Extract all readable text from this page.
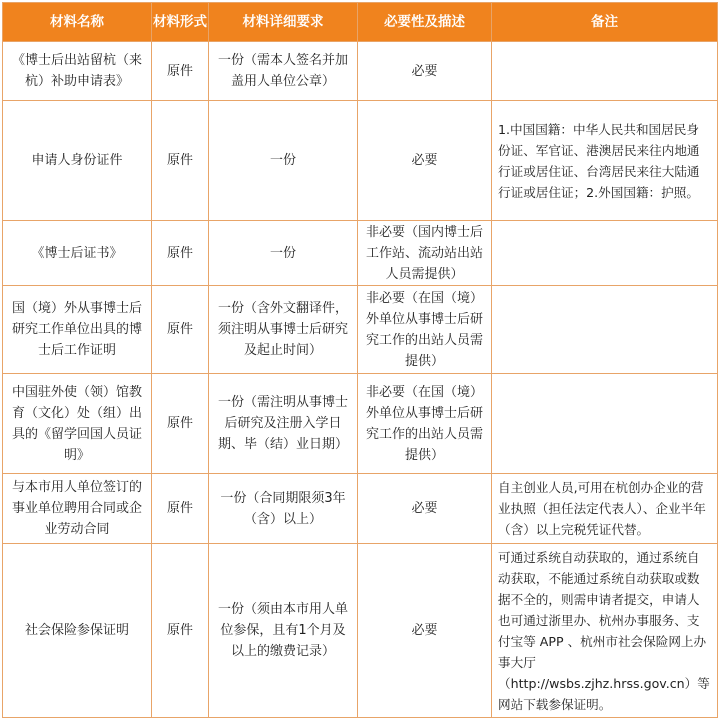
材料名称	材料形式	材料详细要求	必要性及描述	备注
《博士后出站留杭（来杭）补助申请表》	原件	一份（需本人签名并加盖用人单位公章）	必要	
申请人身份证件	原件	一份	必要	1.中国国籍：中华人民共和国居民身份证、军官证、港澳居民来往内地通行证或居住证、台湾居民来往大陆通行证或居住证；2.外国国籍：护照。
《博士后证书》	原件	一份	非必要（国内博士后工作站、流动站出站人员需提供）	
国（境）外从事博士后研究工作单位出具的博士后工作证明	原件	一份（含外文翻译件，须注明从事博士后研究及起止时间）	非必要（在国（境）外单位从事博士后研究工作的出站人员需提供）	
中国驻外使（领）馆教育（文化）处（组）出具的《留学回国人员证明》	原件	一份（需注明从事博士后研究及注册入学日期、毕（结）业日期）	非必要（在国（境）外单位从事博士后研究工作的出站人员需提供）	
与本市用人单位签订的事业单位聘用合同或企业劳动合同	原件	一份（合同期限须3年（含）以上）	必要	自主创业人员,可用在杭创办企业的营业执照（担任法定代表人）、企业半年（含）以上完税凭证代替。
社会保险参保证明	原件	一份（须由本市用人单位参保，且有1个月及以上的缴费记录）	必要	可通过系统自动获取的，通过系统自动获取，不能通过系统自动获取或数据不全的，则需申请者提交，申请人也可通过浙里办、杭州办事服务、支付宝等 APP 、杭州市社会保险网上办事大厅（http://wsbs.zjhz.hrss.gov.cn）等网站下载参保证明。
